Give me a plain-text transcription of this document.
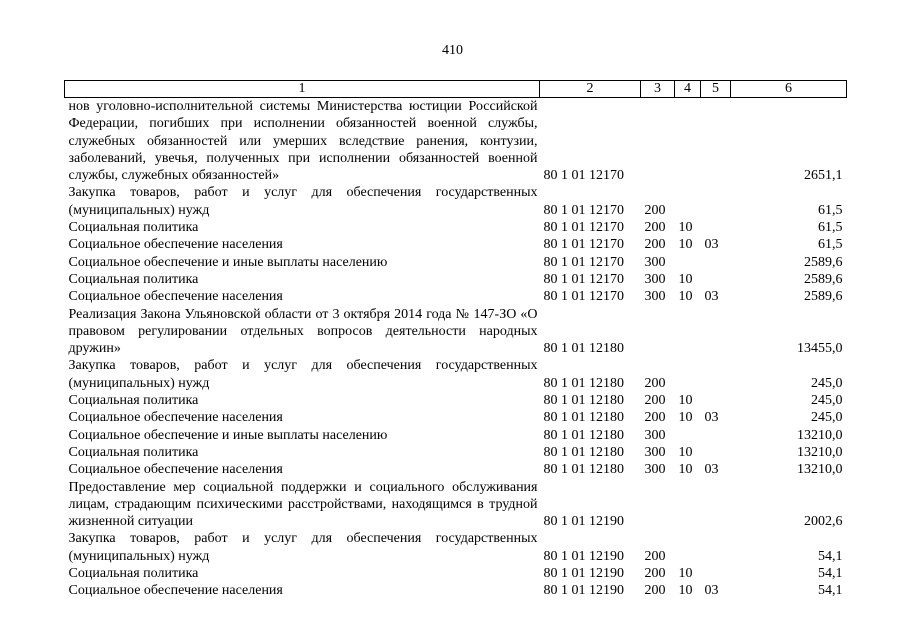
410
1	2	3	4	5	6
нов уголовно-исполнительной системы Министерства юстиции Российской Федерации, погибших при исполнении обязанностей военной службы, служебных обязанностей или умерших вследствие ранения, контузии, заболеваний, увечья, полученных при исполнении обязанностей военной службы, служебных обязанностей»	80 1 01 12170				2651,1
Закупка товаров, работ и услуг для обеспечения государственных (муниципальных) нужд	80 1 01 12170	200			61,5
Социальная политика	80 1 01 12170	200	10		61,5
Социальное обеспечение населения	80 1 01 12170	200	10	03	61,5
Социальное обеспечение и иные выплаты населению	80 1 01 12170	300			2589,6
Социальная политика	80 1 01 12170	300	10		2589,6
Социальное обеспечение населения	80 1 01 12170	300	10	03	2589,6
Реализация Закона Ульяновской области от 3 октября 2014 года № 147-ЗО «О правовом регулировании отдельных вопросов деятельности народных дружин»	80 1 01 12180				13455,0
Закупка товаров, работ и услуг для обеспечения государственных (муниципальных) нужд	80 1 01 12180	200			245,0
Социальная политика	80 1 01 12180	200	10		245,0
Социальное обеспечение населения	80 1 01 12180	200	10	03	245,0
Социальное обеспечение и иные выплаты населению	80 1 01 12180	300			13210,0
Социальная политика	80 1 01 12180	300	10		13210,0
Социальное обеспечение населения	80 1 01 12180	300	10	03	13210,0
Предоставление мер социальной поддержки и социального обслуживания лицам, страдающим психическими расстройствами, находящимся в трудной жизненной ситуации	80 1 01 12190				2002,6
Закупка товаров, работ и услуг для обеспечения государственных (муниципальных) нужд	80 1 01 12190	200			54,1
Социальная политика	80 1 01 12190	200	10		54,1
Социальное обеспечение населения	80 1 01 12190	200	10	03	54,1
